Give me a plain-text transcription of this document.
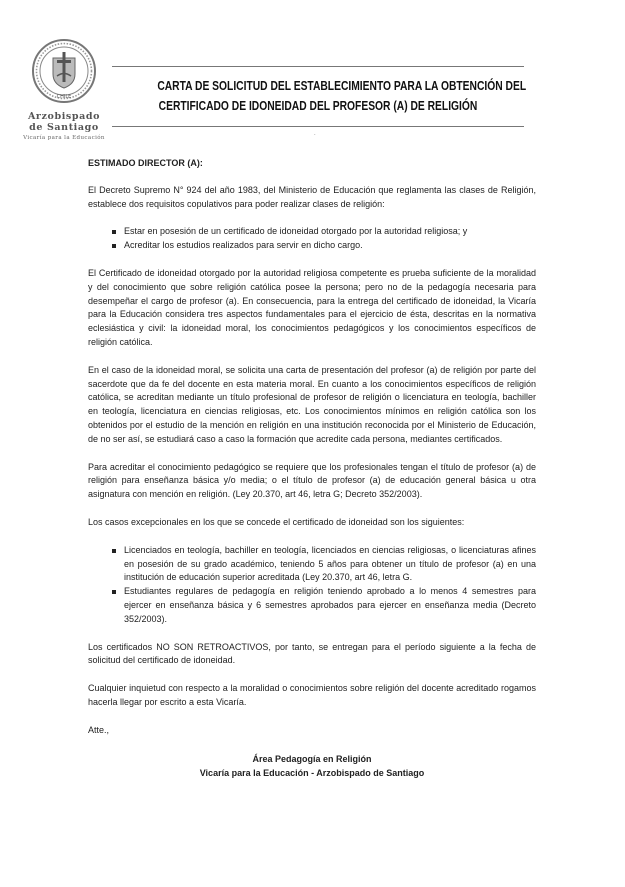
CHILE
Arzobispado
de Santiago
Vicaría para la Educación
CARTA DE SOLICITUD DEL ESTABLECIMIENTO PARA LA OBTENCIÓN DEL
CERTIFICADO DE IDONEIDAD DEL PROFESOR (A) DE RELIGIÓN
.

ESTIMADO DIRECTOR (A):

El Decreto Supremo N° 924 del año 1983, del Ministerio de Educación que reglamenta las clases de Religión, establece dos requisitos copulativos para poder realizar clases de religión:

Estar en posesión de un certificado de idoneidad otorgado por la autoridad religiosa; y
Acreditar los estudios realizados para servir en dicho cargo.

El Certificado de idoneidad otorgado por la autoridad religiosa competente es prueba suficiente de la moralidad y del conocimiento que sobre religión católica posee la persona; pero no de la pedagogía necesaria para desempeñar el cargo de profesor (a). En consecuencia, para la entrega del certificado de idoneidad, la Vicaría para la Educación considera tres aspectos fundamentales para el ejercicio de ésta, descritas en la normativa eclesiástica y civil: la idoneidad moral, los conocimientos pedagógicos y los conocimientos específicos de religión católica.

En el caso de la idoneidad moral, se solicita una carta de presentación del profesor (a) de religión por parte del sacerdote que da fe del docente en esta materia moral. En cuanto a los conocimientos específicos de religión católica, se acreditan mediante un título profesional de profesor de religión o licenciatura en teología, bachiller en teología, licenciatura en ciencias religiosas, etc. Los conocimientos mínimos en religión católica son los obtenidos por el estudio de la mención en religión en una institución reconocida por el Ministerio de Educación, de no ser así, se estudiará caso a caso la formación que acredite cada persona, mediantes certificados.

Para acreditar el conocimiento pedagógico se requiere que los profesionales tengan el título de profesor (a) de religión para enseñanza básica y/o media; o el título de profesor (a) de educación general básica u otra asignatura con mención en religión. (Ley 20.370, art 46, letra G; Decreto 352/2003).

Los casos excepcionales en los que se concede el certificado de idoneidad son los siguientes:

Licenciados en teología, bachiller en teología, licenciados en ciencias religiosas, o licenciaturas afines en posesión de su grado académico, teniendo 5 años para obtener un título de profesor (a) en una institución de educación superior acreditada (Ley 20.370, art 46, letra G.
Estudiantes regulares de pedagogía en religión teniendo aprobado a lo menos 4 semestres para ejercer en enseñanza básica y 6 semestres aprobados para ejercer en enseñanza media (Decreto 352/2003).

Los certificados NO SON RETROACTIVOS, por tanto, se entregan para el período siguiente a la fecha de solicitud del certificado de idoneidad.

Cualquier inquietud con respecto a la moralidad o conocimientos sobre religión del docente acreditado rogamos hacerla llegar por escrito a esta Vicaría.

Atte.,

Área Pedagogía en Religión
Vicaría para la Educación - Arzobispado de Santiago
